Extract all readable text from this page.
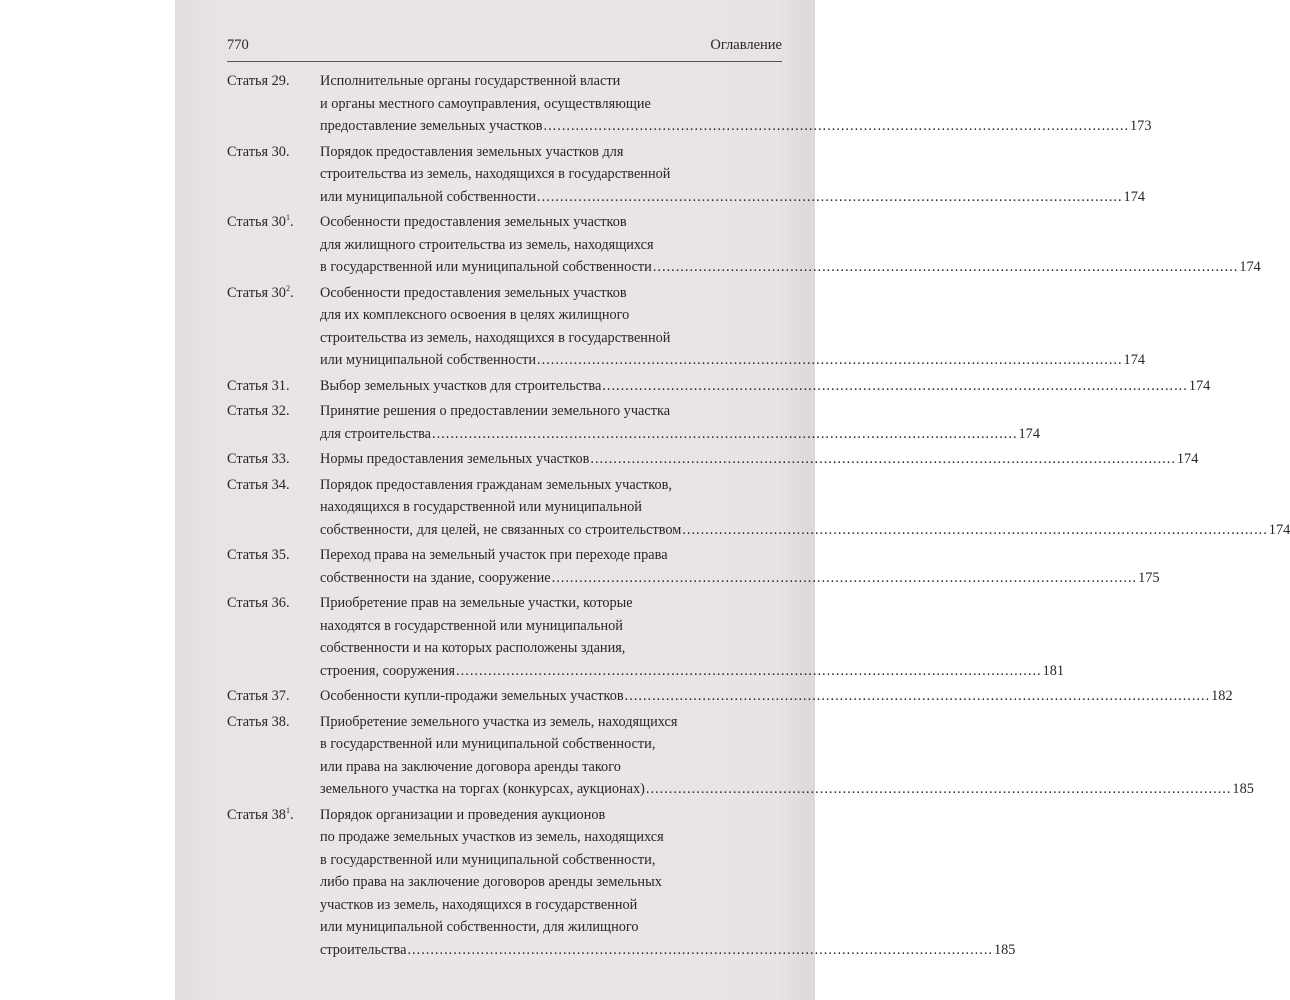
770	Оглавление
Статья 29.	Исполнительные органы государственной власти
и органы местного самоуправления, осуществляющие
предоставление земельных участков .....	173
Статья 30.	Порядок предоставления земельных участков для
строительства из земель, находящихся в государственной
или муниципальной собственности .....	174
Статья $30^1$.	Особенности предоставления земельных участков
для жилищного строительства из земель, находящихся
в государственной или муниципальной собственности .....	174
Статья $30^2$.	Особенности предоставления земельных участков
для их комплексного освоения в целях жилищного
строительства из земель, находящихся в государственной
или муниципальной собственности .....	174
Статья 31.	Выбор земельных участков для строительства .....	174
Статья 32.	Принятие решения о предоставлении земельного участка
для строительства .....	174
Статья 33.	Нормы предоставления земельных участков .....	174
Статья 34.	Порядок предоставления гражданам земельных участков,
находящихся в государственной или муниципальной
собственности, для целей, не связанных со строительством .....	174
Статья 35.	Переход права на земельный участок при переходе права
собственности на здание, сооружение .....	175
Статья 36.	Приобретение прав на земельные участки, которые
находятся в государственной или муниципальной
собственности и на которых расположены здания,
строения, сооружения .....	181
Статья 37.	Особенности купли-продажи земельных участков .....	182
Статья 38.	Приобретение земельного участка из земель, находящихся
в государственной или муниципальной собственности,
или права на заключение договора аренды такого
земельного участка на торгах (конкурсах, аукционах) .....	185
Статья $38^1$.	Порядок организации и проведения аукционов
по продаже земельных участков из земель, находящихся
в государственной или муниципальной собственности,
либо права на заключение договоров аренды земельных
участков из земель, находящихся в государственной
или муниципальной собственности, для жилищного
строительства .....	185
